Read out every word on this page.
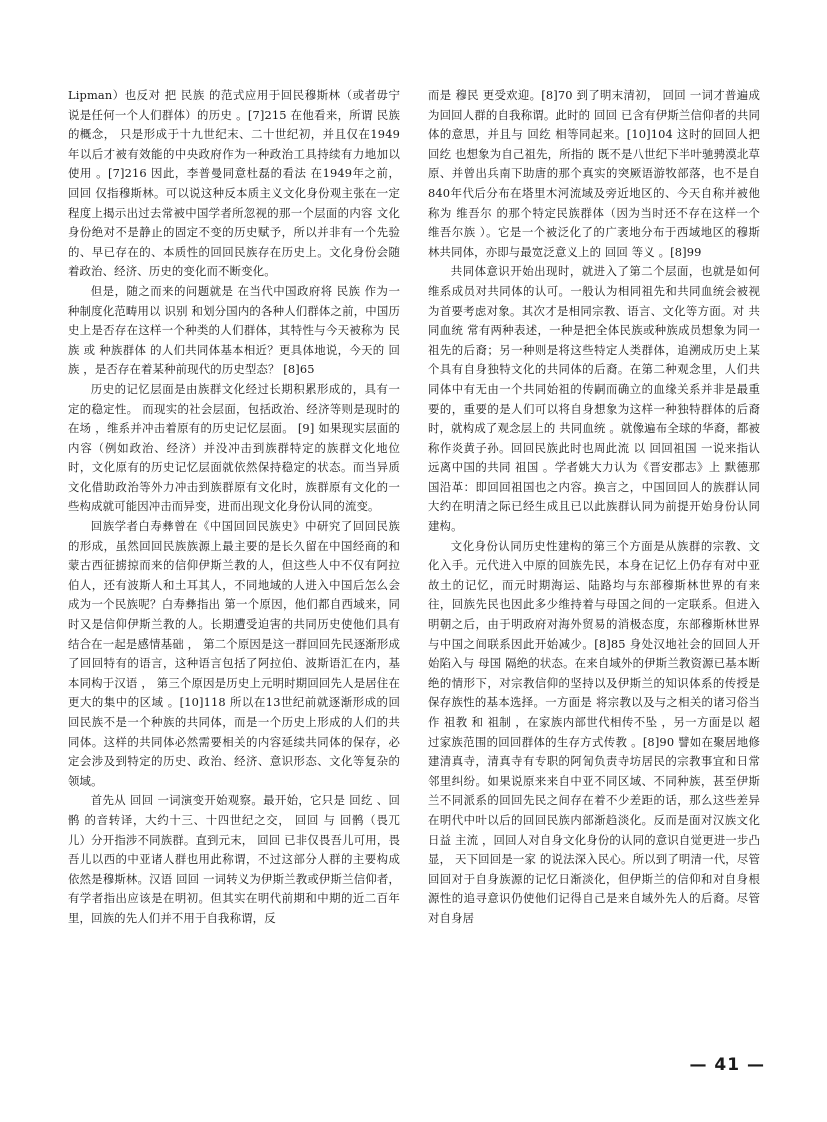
Lipman）也反对 把 民族 的范式应用于回民穆斯林（或者毋宁说是任何一个人们群体）的历史 。[7]215 在他看来，所谓 民族 的概念， 只是形成于十九世纪末、二十世纪初，并且仅在1949年以后才被有效能的中央政府作为一种政治工具持续有力地加以使用 。[7]216 因此，李普曼同意杜磊的看法 在1949年之前，回回 仅指穆斯林。可以说这种反本质主义文化身份观主张在一定程度上揭示出过去常被中国学者所忽视的那一个层面的内容 文化身份绝对不是静止的固定不变的历史赋予，所以并非有一个先验的、早已存在的、本质性的回回民族存在历史上。文化身份会随着政治、经济、历史的变化而不断变化。

但是，随之而来的问题就是 在当代中国政府将 民族 作为一种制度化范畴用以 识别 和划分国内的各种人们群体之前，中国历史上是否存在这样一个种类的人们群体，其特性与今天被称为 民族 或 种族群体 的人们共同体基本相近？更具体地说，今天的 回族 ，是否存在着某种前现代的历史型态？ [8]65

历史的记忆层面是由族群文化经过长期积累形成的，具有一定的稳定性。 而现实的社会层面，包括政治、经济等则是现时的 在场 ，维系并冲击着原有的历史记忆层面。 [9] 如果现实层面的内容（例如政治、经济）并没冲击到族群特定的族群文化地位时，文化原有的历史记忆层面就依然保持稳定的状态。而当异质文化借助政治等外力冲击到族群原有文化时，族群原有文化的一些构成就可能因冲击而异变，进而出现文化身份认同的流变。

回族学者白寿彝曾在《中国回回民族史》中研究了回回民族的形成，虽然回回民族族源上最主要的是长久留在中国经商的和蒙古西征掳掠而来的信仰伊斯兰教的人，但这些人中不仅有阿拉伯人，还有波斯人和土耳其人，不同地域的人进入中国后怎么会成为一个民族呢？白寿彝指出 第一个原因，他们都自西域来，同时又是信仰伊斯兰教的人。长期遭受迫害的共同历史使他们具有结合在一起是感情基础 ， 第二个原因是这一群回回先民逐渐形成了回回特有的语言，这种语言包括了阿拉伯、波斯语汇在内，基本同构于汉语 ， 第三个原因是历史上元明时期回回先人是居住在更大的集中的区域 。[10]118 所以在13世纪前就逐渐形成的回回民族不是一个种族的共同体，而是一个历史上形成的人们的共同体。这样的共同体必然需要相关的内容延续共同体的保存，必定会涉及到特定的历史、政治、经济、意识形态、文化等复杂的领域。

首先从 回回 一词演变开始观察。最开始，它只是 回纥 、回鹘 的音转译，大约十三、十四世纪之交， 回回 与 回鹘（畏兀儿）分开指涉不同族群。直到元末， 回回 已非仅畏吾儿可用，畏吾儿以西的中亚诸人群也用此称谓，不过这部分人群的主要构成依然是穆斯林。汉语 回回 一词转义为伊斯兰教或伊斯兰信仰者，有学者指出应该是在明初。但其实在明代前期和中期的近二百年里，回族的先人们并不用于自我称谓，反

而是 穆民 更受欢迎。[8]70 到了明末清初， 回回 一词才普遍成为回回人群的自我称谓。此时的 回回 已含有伊斯兰信仰者的共同体的意思，并且与 回纥 相等同起来。[10]104 这时的回回人把 回纥 也想象为自己祖先，所指的 既不是八世纪下半叶驰骋漠北草原、并曾出兵南下助唐的那个真实的突厥语游牧部落，也不是自840年代后分布在塔里木河流域及旁近地区的、今天自称并被他称为 维吾尔 的那个特定民族群体（因为当时还不存在这样一个 维吾尔族 ）。它是一个被泛化了的广袤地分布于西域地区的穆斯林共同体，亦即与最宽泛意义上的 回回 等义 。[8]99

共同体意识开始出现时，就进入了第二个层面，也就是如何维系成员对共同体的认可。一般认为相同祖先和共同血统会被视为首要考虑对象。其次才是相同宗教、语言、文化等方面。对 共同血统 常有两种表述，一种是把全体民族或种族成员想象为同一祖先的后裔；另一种则是将这些特定人类群体，追溯成历史上某个具有自身独特文化的共同体的后裔。在第二种观念里，人们共同体中有无由一个共同始祖的传嗣而确立的血缘关系并非是最重要的，重要的是人们可以将自身想象为这样一种独特群体的后裔时，就构成了观念层上的 共同血统 。就像遍布全球的华裔，都被称作炎黄子孙。回回民族此时也周此流 以 回回祖国 一说来指认远离中国的共同 祖国 。学者姚大力认为《晋安郡志》上 默德那国沿革：即回回祖国也之内容。换言之，中国回回人的族群认同大约在明清之际已经生成且已以此族群认同为前提开始身份认同建构。

文化身份认同历史性建构的第三个方面是从族群的宗教、文化入手。元代进入中原的回族先民，本身在记忆上仍存有对中亚故土的记忆，而元时期海运、陆路均与东部穆斯林世界的有来往，回族先民也因此多少维持着与母国之间的一定联系。但进入明朝之后，由于明政府对海外贸易的消极态度，东部穆斯林世界与中国之间联系因此开始减少。[8]85 身处汉地社会的回回人开始陷入与 母国 隔绝的状态。在来自域外的伊斯兰教资源已基本断绝的情形下，对宗教信仰的坚持以及伊斯兰的知识体系的传授是保存族性的基本选择。一方面是 将宗教以及与之相关的诸习俗当作 祖教 和 祖制 ，在家族内部世代相传不坠 ，另一方面是以 超过家族范围的回回群体的生存方式传教 。[8]90 譬如在聚居地修建清真寺，清真寺有专职的阿訇负责寺坊居民的宗教事宜和日常邻里纠纷。如果说原来来自中亚不同区域、不同种族，甚至伊斯兰不同派系的回回先民之间存在着不少差距的话，那么这些差异在明代中叶以后的回回民族内部渐趋淡化。反而是面对汉族文化日益 主流 ，回回人对自身文化身份的认同的意识自觉更进一步凸显， 天下回回是一家 的说法深入民心。所以到了明清一代，尽管回回对于自身族源的记忆日渐淡化，但伊斯兰的信仰和对自身根源性的追寻意识仍使他们记得自己是来自域外先人的后裔。尽管对自身居

— 41 —
